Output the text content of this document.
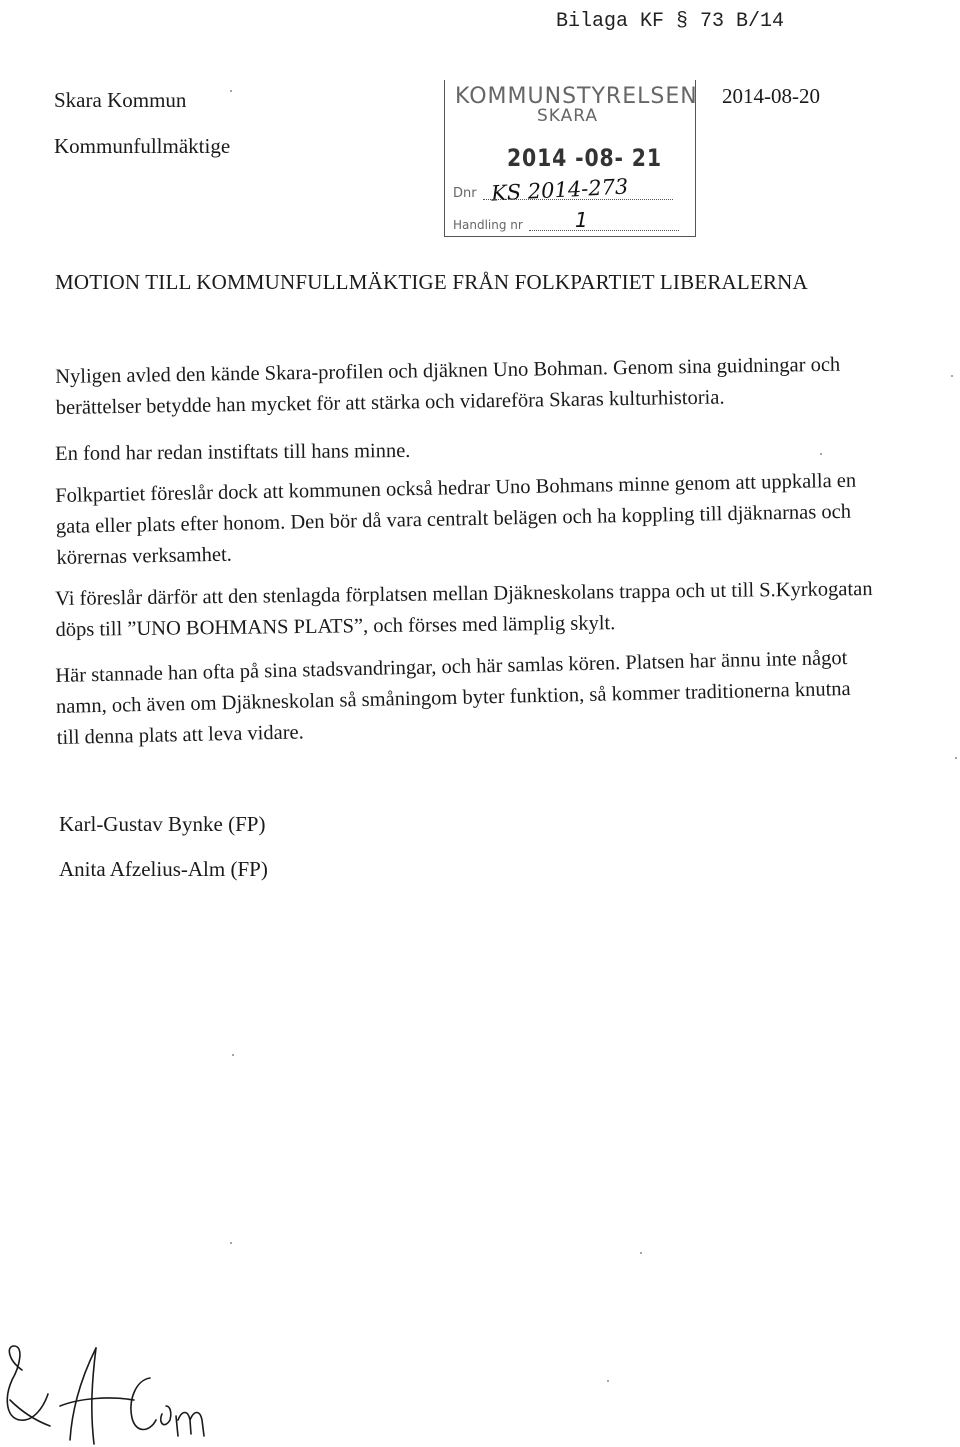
Bilaga KF § 73 B/14
Skara Kommun
Kommunfullmäktige
2014-08-20
KOMMUNSTYRELSEN
SKARA
2014 -08- 21
Dnr KS 2014-273
Handling nr	1
MOTION TILL KOMMUNFULLMÄKTIGE FRÅN FOLKPARTIET LIBERALERNA
Nyligen avled den kände Skara-profilen och djäknen Uno Bohman. Genom sina guidningar och berättelser betydde han mycket för att stärka och vidareföra Skaras kulturhistoria.
En fond har redan instiftats till hans minne.
Folkpartiet föreslår dock att kommunen också hedrar Uno Bohmans minne genom att uppkalla en gata eller plats efter honom. Den bör då vara centralt belägen och ha koppling till djäknarnas och körernas verksamhet.
Vi föreslår därför att den stenlagda förplatsen mellan Djäkneskolans trappa och ut till S.Kyrkogatan döps till ”UNO BOHMANS PLATS”, och förses med lämplig skylt.
Här stannade han ofta på sina stadsvandringar, och här samlas kören. Platsen har ännu inte något namn, och även om Djäkneskolan så småningom byter funktion, så kommer traditionerna knutna till denna plats att leva vidare.
Karl-Gustav Bynke (FP)
Anita Afzelius-Alm (FP)
